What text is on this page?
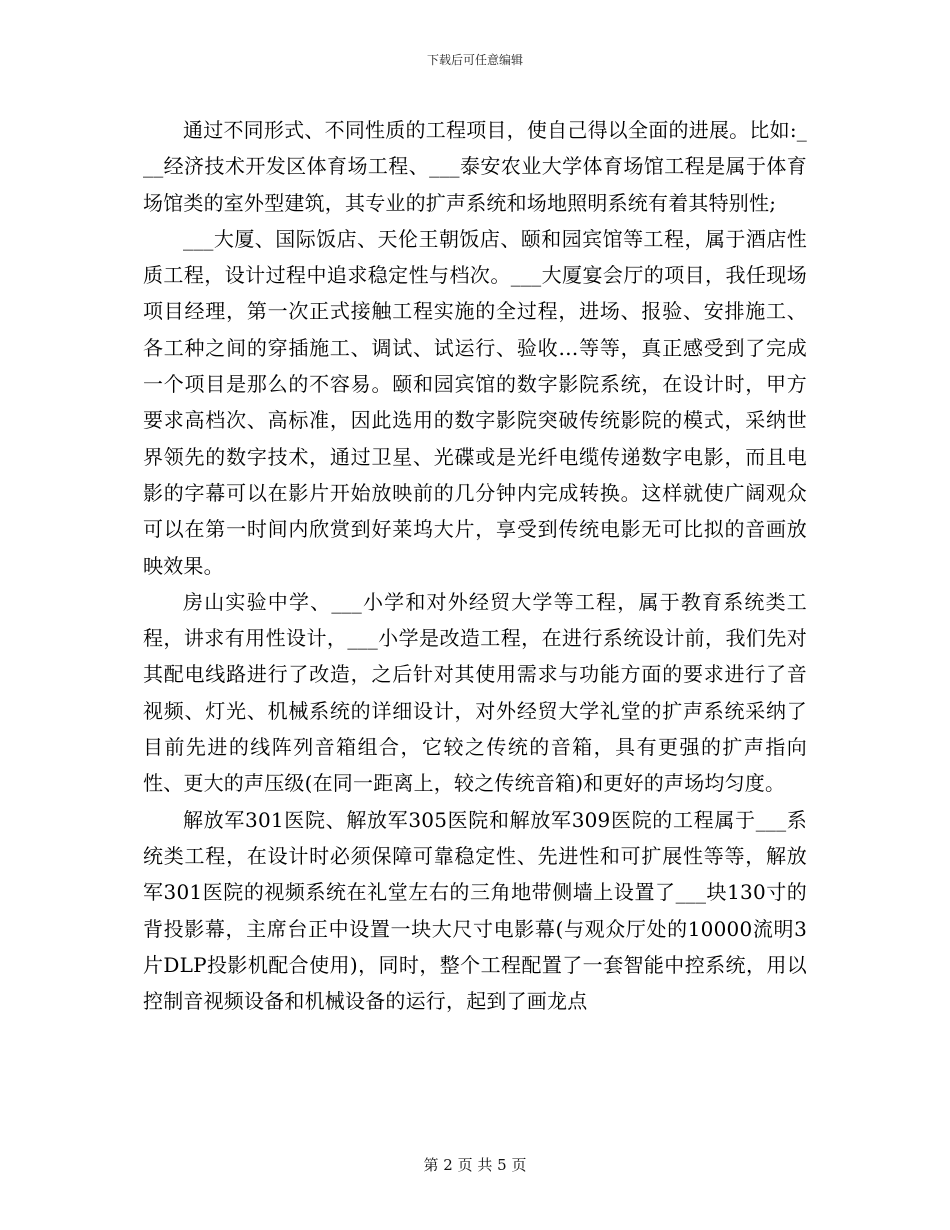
下载后可任意编辑

通过不同形式、不同性质的工程项目，使自己得以全面的进展。比如:___经济技术开发区体育场工程、___泰安农业大学体育场馆工程是属于体育场馆类的室外型建筑，其专业的扩声系统和场地照明系统有着其特别性;

___大厦、国际饭店、天伦王朝饭店、颐和园宾馆等工程，属于酒店性质工程，设计过程中追求稳定性与档次。___大厦宴会厅的项目，我任现场项目经理，第一次正式接触工程实施的全过程，进场、报验、安排施工、各工种之间的穿插施工、调试、试运行、验收…等等，真正感受到了完成一个项目是那么的不容易。颐和园宾馆的数字影院系统，在设计时，甲方要求高档次、高标准，因此选用的数字影院突破传统影院的模式，采纳世界领先的数字技术，通过卫星、光碟或是光纤电缆传递数字电影，而且电影的字幕可以在影片开始放映前的几分钟内完成转换。这样就使广阔观众可以在第一时间内欣赏到好莱坞大片，享受到传统电影无可比拟的音画放映效果。

房山实验中学、___小学和对外经贸大学等工程，属于教育系统类工程，讲求有用性设计，___小学是改造工程，在进行系统设计前，我们先对其配电线路进行了改造，之后针对其使用需求与功能方面的要求进行了音视频、灯光、机械系统的详细设计，对外经贸大学礼堂的扩声系统采纳了目前先进的线阵列音箱组合，它较之传统的音箱，具有更强的扩声指向性、更大的声压级(在同一距离上，较之传统音箱)和更好的声场均匀度。

解放军301医院、解放军305医院和解放军309医院的工程属于___系统类工程，在设计时必须保障可靠稳定性、先进性和可扩展性等等，解放军301医院的视频系统在礼堂左右的三角地带侧墙上设置了___块130寸的背投影幕，主席台正中设置一块大尺寸电影幕(与观众厅处的10000流明3片DLP投影机配合使用)，同时，整个工程配置了一套智能中控系统，用以控制音视频设备和机械设备的运行，起到了画龙点

第 2 页 共 5 页
